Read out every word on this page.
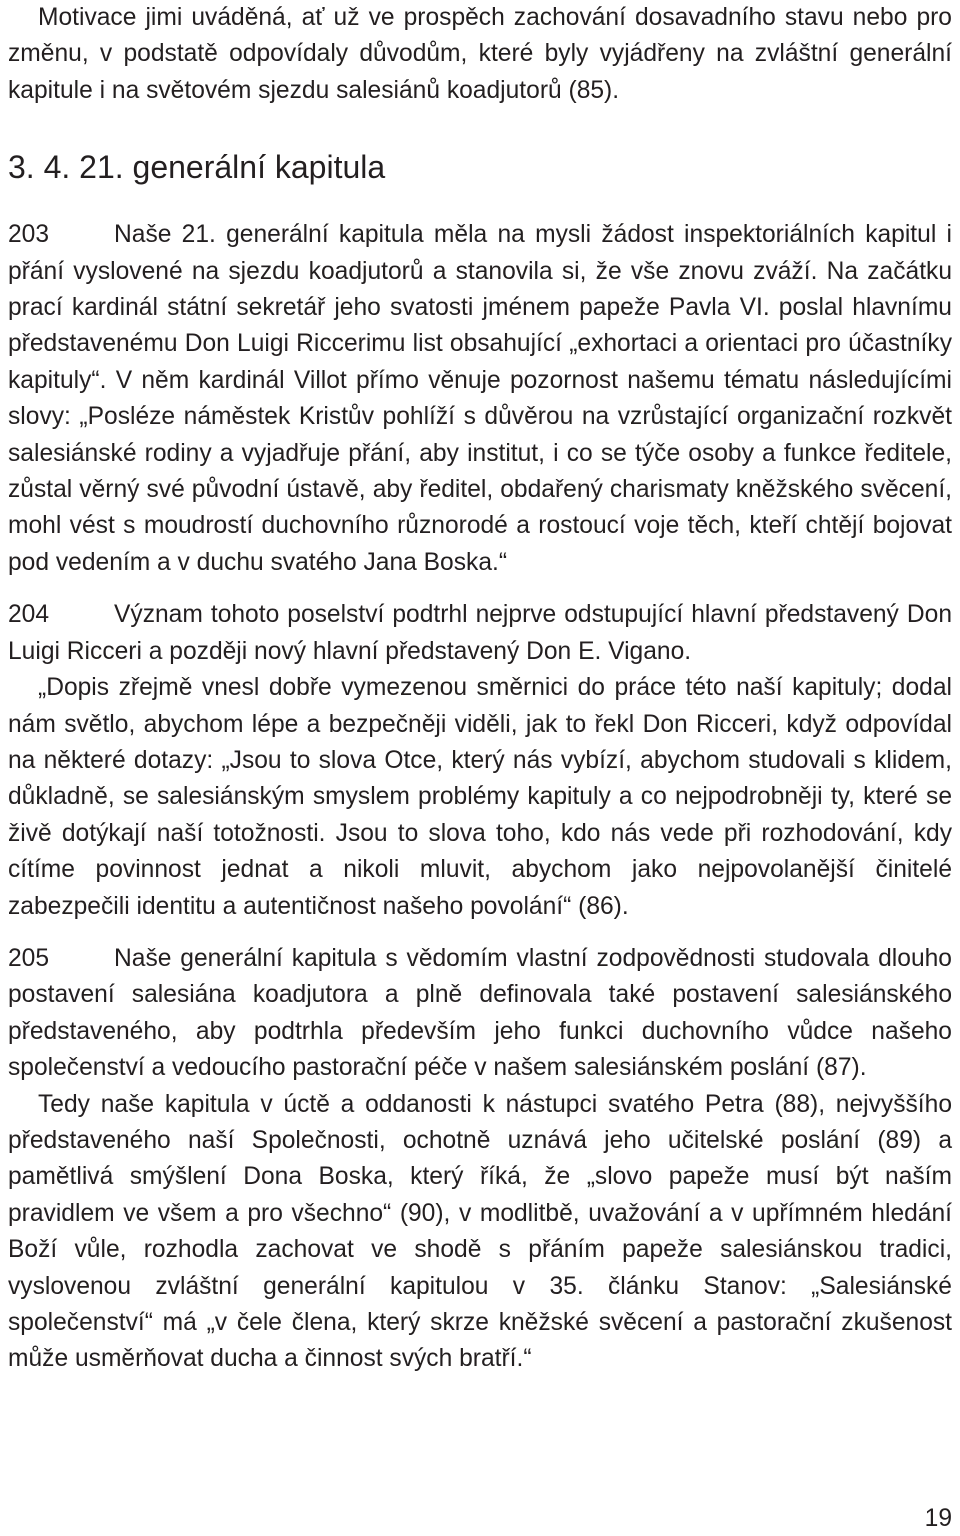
Motivace jimi uváděná, ať už ve prospěch zachování dosavadního stavu nebo pro změnu, v podstatě odpovídaly důvodům, které byly vyjádřeny na zvláštní generální kapitule i na světovém sjezdu salesiánů koadjutorů (85).

3. 4. 21. generální kapitula

203	Naše 21. generální kapitula měla na mysli žádost inspektoriálních kapitul i přání vyslovené na sjezdu koadjutorů a stanovila si, že vše znovu zváží. Na začátku prací kardinál státní sekretář jeho svatosti jménem papeže Pavla VI. poslal hlavnímu představenému Don Luigi Riccerimu list obsahující „exhortaci a orientaci pro účastníky kapituly“. V něm kardinál Villot přímo věnuje pozornost našemu tématu následujícími slovy: „Posléze náměstek Kristův pohlíží s důvěrou na vzrůstající organizační rozkvět salesiánské rodiny a vyjadřuje přání, aby institut, i co se týče osoby a funkce ředitele, zůstal věrný své původní ústavě, aby ředitel, obdařený charismaty kněžského svěcení, mohl vést s moudrostí duchovního různorodé a rostoucí voje těch, kteří chtějí bojovat pod vedením a v duchu svatého Jana Boska.“

204	Význam tohoto poselství podtrhl nejprve odstupující hlavní představený Don Luigi Ricceri a později nový hlavní představený Don E. Vigano.

„Dopis zřejmě vnesl dobře vymezenou směrnici do práce této naší kapituly; dodal nám světlo, abychom lépe a bezpečněji viděli, jak to řekl Don Ricceri, když odpovídal na některé dotazy: „Jsou to slova Otce, který nás vybízí, abychom studovali s klidem, důkladně, se salesiánským smyslem problémy kapituly a co nejpodrobněji ty, které se živě dotýkají naší totožnosti. Jsou to slova toho, kdo nás vede při rozhodování, kdy cítíme povinnost jednat a nikoli mluvit, abychom jako nejpovolanější činitelé zabezpečili identitu a autentičnost našeho povolání“ (86).

205	Naše generální kapitula s vědomím vlastní zodpovědnosti studovala dlouho postavení salesiána koadjutora a plně definovala také postavení salesiánského představeného, aby podtrhla především jeho funkci duchovního vůdce našeho společenství a vedoucího pastorační péče v našem salesiánském poslání (87).

Tedy naše kapitula v úctě a oddanosti k nástupci svatého Petra (88), nejvyššího představeného naší Společnosti, ochotně uznává jeho učitelské poslání (89) a pamětlivá smýšlení Dona Boska, který říká, že „slovo papeže musí být naším pravidlem ve všem a pro všechno“ (90), v modlitbě, uvažování a v upřímném hledání Boží vůle, rozhodla zachovat ve shodě s přáním papeže salesiánskou tradici, vyslovenou zvláštní generální kapitulou v 35. článku Stanov: „Salesiánské společenství“ má „v čele člena, který skrze kněžské svěcení a pastorační zkušenost může usměrňovat ducha a činnost svých bratří.“

19
